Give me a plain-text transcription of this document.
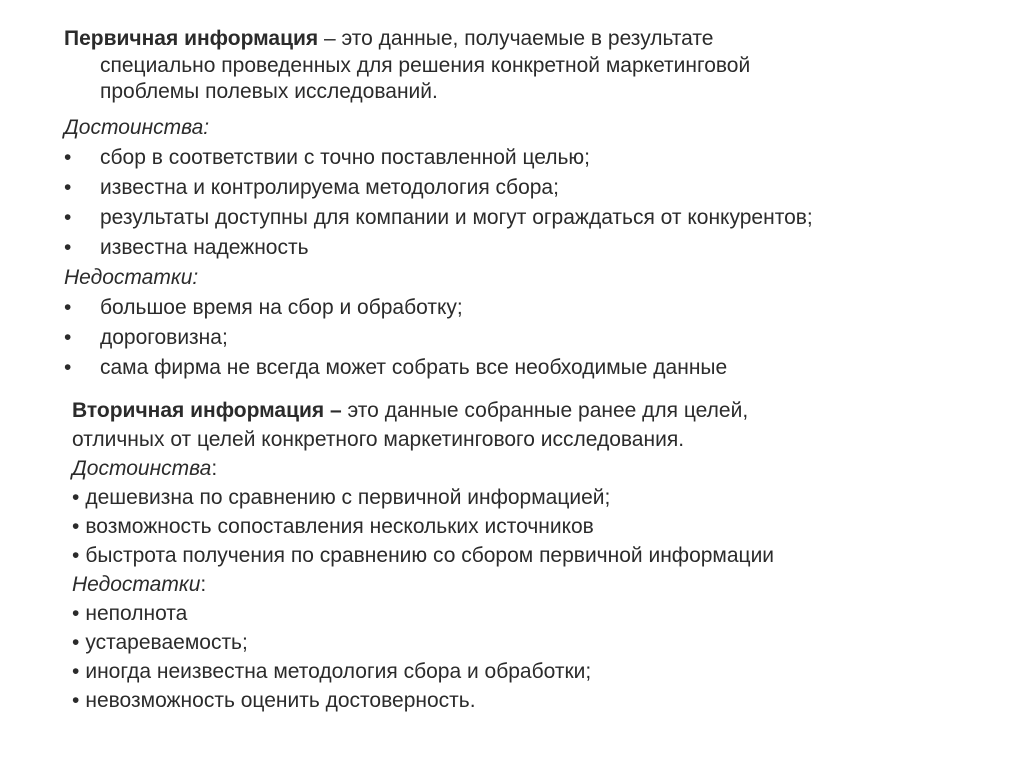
Первичная информация – это данные, получаемые в результате
специально проведенных для решения конкретной маркетинговой
проблемы полевых исследований.
Достоинства:
•	сбор в соответствии с точно поставленной целью;
•	известна и контролируема методология сбора;
•	результаты доступны для компании и могут ограждаться от конкурентов;
•	известна надежность
Недостатки:
•	большое время на сбор и обработку;
•	дороговизна;
•	сама фирма не всегда может собрать все необходимые данные
Вторичная информация – это данные собранные ранее для целей,
отличных от целей конкретного маркетингового исследования.
Достоинства:
• дешевизна по сравнению с первичной информацией;
• возможность сопоставления нескольких источников
• быстрота получения по сравнению со сбором первичной информации
Недостатки:
• неполнота
• устареваемость;
• иногда неизвестна методология сбора и обработки;
• невозможность оценить достоверность.
